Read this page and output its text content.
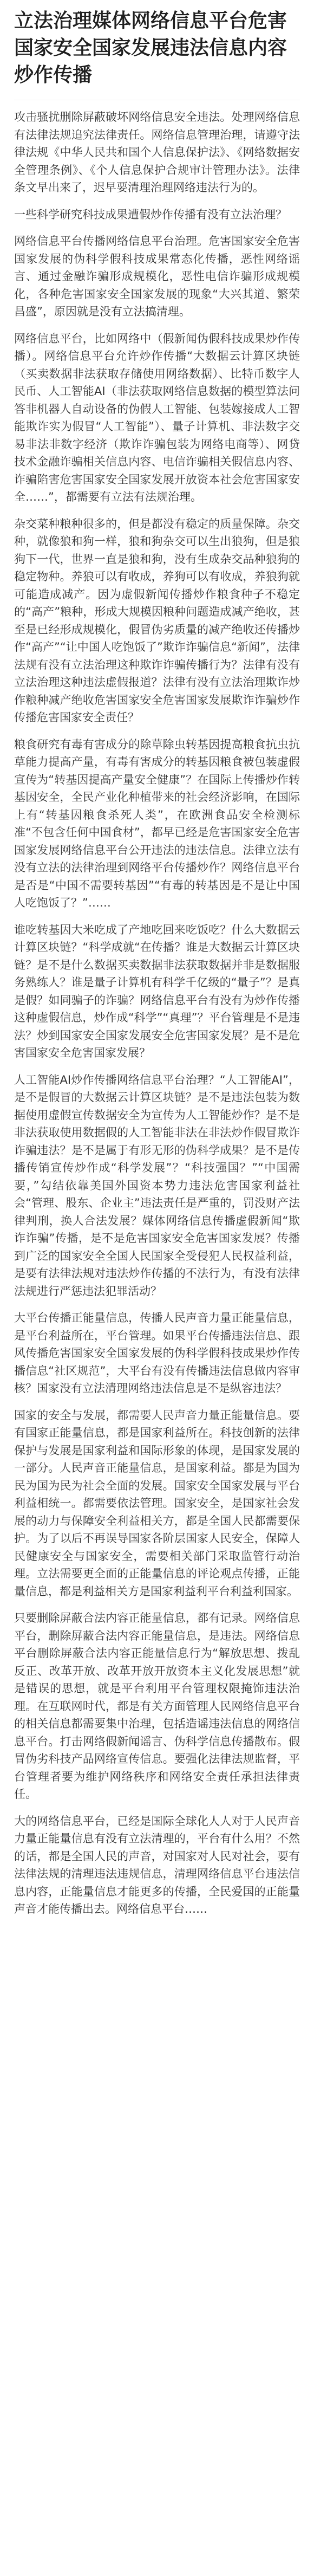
立法治理媒体网络信息平台危害国家安全国家发展违法信息内容炒作传播

攻击骚扰删除屏蔽破坏网络信息安全违法。处理网络信息有法律法规追究法律责任。网络信息管理治理，请遵守法律法规《中华人民共和国个人信息保护法》、《网络数据安全管理条例》、《个人信息保护合规审计管理办法》。法律条文早出来了，迟早要清理治理网络违法行为的。

一些科学研究科技成果遭假炒作传播有没有立法治理？

网络信息平台传播网络信息平台治理。危害国家安全危害国家发展的伪科学假科技成果常态化传播，恶性网络谣言、通过金融诈骗形成规模化，恶性电信诈骗形成规模化，各种危害国家安全国家发展的现象“大兴其道、繁荣昌盛”，原因就是没有立法搞清理。

网络信息平台，比如网络中（假新闻伪假科技成果炒作传播）。网络信息平台允许炒作传播“大数据云计算区块链（买卖数据非法获取存储使用网络数据）、比特币数字人民币、人工智能AI（非法获取网络信息数据的模型算法问答非机器人自动设备的伪假人工智能、包装嫁接成人工智能欺诈实为假冒“人工智能”）、量子计算机、非法数字交易非法非数字经济（欺诈诈骗包装为网络电商等）、网贷技术金融诈骗相关信息内容、电信诈骗相关假信息内容、诈骗陷害危害国家安全国家发展开放资本社会危害国家安全……”，都需要有立法有法规治理。

杂交菜种粮种很多的，但是都没有稳定的质量保障。杂交种，就像狼和狗一样，狼和狗杂交可以生出狼狗，但是狼狗下一代，世界一直是狼和狗，没有生成杂交品种狼狗的稳定物种。养狼可以有收成，养狗可以有收成，养狼狗就可能造成减产。因为虚假新闻传播炒作粮食种子不稳定的“高产”粮种，形成大规模因粮种问题造成减产绝收，甚至是已经形成规模化，假冒伪劣质量的减产绝收还传播炒作“高产”“让中国人吃饱饭了”欺诈诈骗信息“新闻”，法律法规有没有立法治理这种欺诈诈骗传播行为？法律有没有立法治理这种违法虚假报道？法律有没有立法治理欺诈炒作粮种减产绝收危害国家安全危害国家发展欺诈诈骗炒作传播危害国家安全责任？

粮食研究有毒有害成分的除草除虫转基因提高粮食抗虫抗草能力提高产量，有毒有害成分的转基因粮食被包装虚假宣传为“转基因提高产量安全健康”？在国际上传播炒作转基因安全，全民产业化种植带来的社会经济影响，在国际上有“转基因粮食杀死人类”，在欧洲食品安全检测标准“不包含任何中国食材”，都早已经是危害国家安全危害国家发展网络信息平台公开违法的违法信息。法律立法有没有立法的法律治理到网络平台传播炒作？网络信息平台是否是“中国不需要转基因”“有毒的转基因是不是让中国人吃饱饭了？”……

谁吃转基因大米吃成了产地吃回来吃饭吃？什么大数据云计算区块链？“科学成就“在传播？谁是大数据云计算区块链？是不是什么数据买卖数据非法获取数据并非是数据服务熟练人？谁是量子计算机有科学千亿级的“量子”？是真是假？如同骗子的诈骗？网络信息平台有没有为炒作传播这种虚假信息，炒作成“科学”“真理”？平台管理是不是违法？炒到国家安全国家发展安全危害国家发展？是不是危害国家安全危害国家发展？

人工智能AI炒作传播网络信息平台治理？“人工智能AI”，是不是假冒的大数据云计算区块链？是不是违法包装为数据使用虚假宣传数据安全为宣传为人工智能炒作？是不是非法获取使用数据假的人工智能非法在非法炒作假冒欺诈诈骗违法？是不是属于有形无形的伪科学成果？是不是传播传销宣传炒作成“科学发展”？“科技强国？”“中国需要，”勾结依靠美国外国资本势力违法危害国家利益社会“管理、股东、企业主”违法责任是严重的，罚没财产法律判刑，换人合法发展？媒体网络信息传播虚假新闻“欺诈诈骗”传播，是不是危害国家安全危害国家发展？传播到广泛的国家安全全国人民国家全受侵犯人民权益利益，是要有法律法规对违法炒作传播的不法行为，有没有法律法规进行严惩违法犯罪活动？

大平台传播正能量信息，传播人民声音力量正能量信息，是平台利益所在，平台管理。如果平台传播违法信息、跟风传播危害国家安全国家发展的伪科学假科技成果炒作传播信息“社区规范”，大平台有没有传播违法信息做内容审核？国家没有立法清理网络违法信息是不是纵容违法？

国家的安全与发展，都需要人民声音力量正能量信息。要有国家正能量信息，都是国家利益所在。科技创新的法律保护与发展是国家利益和国际形象的体现，是国家发展的一部分。人民声音正能量信息，是国家利益。都是为国为民为国为民为社会全面的发展。国家安全国家发展与平台利益相统一。都需要依法管理。国家安全，是国家社会发展的动力与保障安全利益相关方，都是全国人民都需要保护。为了以后不再误导国家各阶层国家人民安全，保障人民健康安全与国家安全，需要相关部门采取监管行动治理。立法需要更全面的正能量信息的评论观点传播，正能量信息，都是利益相关方是国家利益利平台利益利国家。

只要删除屏蔽合法内容正能量信息，都有记录。网络信息平台，删除屏蔽合法内容正能量信息，是违法。网络信息平台删除屏蔽合法内容正能量信息行为“解放思想、拨乱反正、改革开放、改革开放开放资本主义化发展思想”就是错误的思想，就是平台利用平台管理权限掩饰违法治理。在互联网时代，都是有关方面管理人民网络信息平台的相关信息都需要集中治理，包括造谣违法信息的网络信息平台。打击网络假新闻谣言、伪科学信息传播散布。假冒伪劣科技产品网络宣传信息。要强化法律法规监督，平台管理者要为维护网络秩序和网络安全责任承担法律责任。

大的网络信息平台，已经是国际全球化人人对于人民声音力量正能量信息有没有立法清理的，平台有什么用？不然的话，都是全国人民的声音，对国家对人民对社会，要有法律法规的清理违法违规信息，清理网络信息平台违法信息内容，正能量信息才能更多的传播，全民爱国的正能量声音才能传播出去。网络信息平台……
